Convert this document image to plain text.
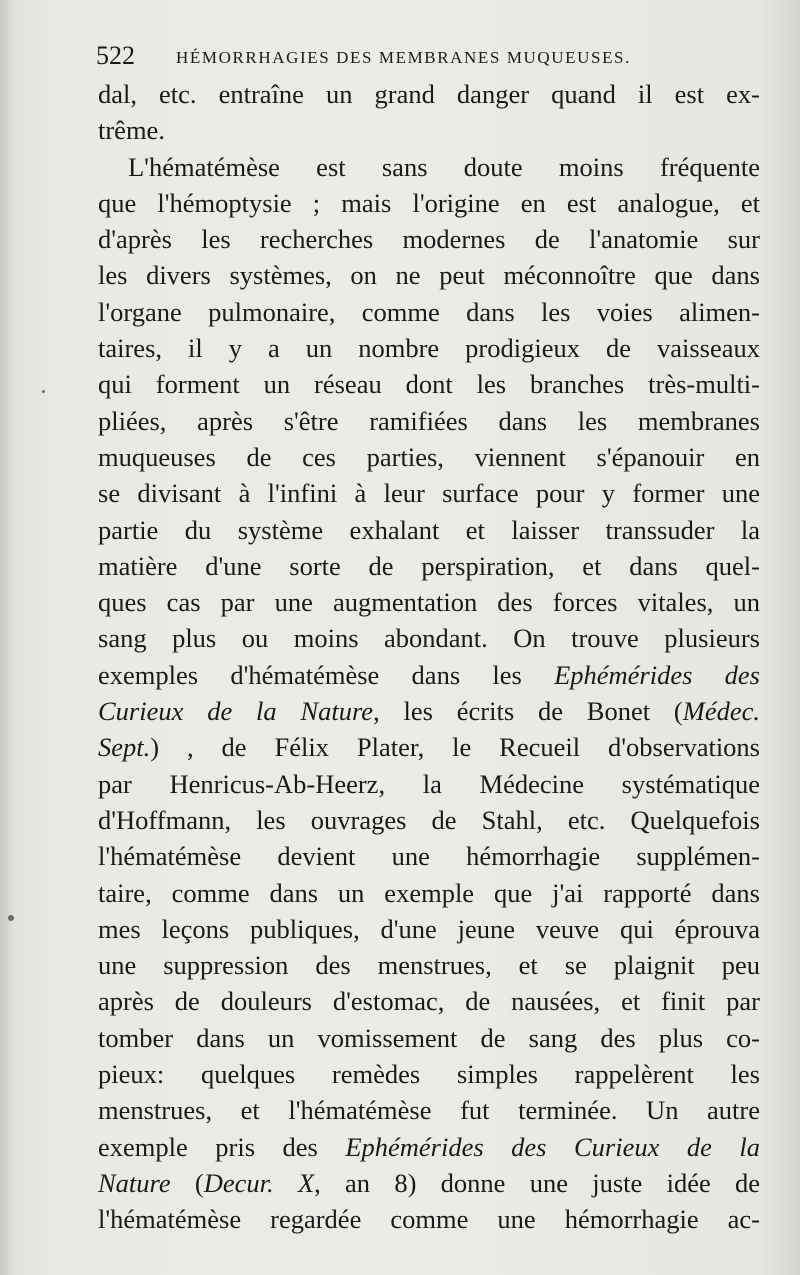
522 HÉMORRHAGIES DES MEMBRANES MUQUEUSES.
dal, etc. entraîne un grand danger quand il est ex-
trême.
L'hématémèse est sans doute moins fréquente
que l'hémoptysie ; mais l'origine en est analogue, et
d'après les recherches modernes de l'anatomie sur
les divers systèmes, on ne peut méconnoître que dans
l'organe pulmonaire, comme dans les voies alimen-
taires, il y a un nombre prodigieux de vaisseaux
qui forment un réseau dont les branches très-multi-
pliées, après s'être ramifiées dans les membranes
muqueuses de ces parties, viennent s'épanouir en
se divisant à l'infini à leur surface pour y former une
partie du système exhalant et laisser transsuder la
matière d'une sorte de perspiration, et dans quel-
ques cas par une augmentation des forces vitales, un
sang plus ou moins abondant. On trouve plusieurs
exemples d'hématémèse dans les Ephémérides des
Curieux de la Nature, les écrits de Bonet (Médec.
Sept.) , de Félix Plater, le Recueil d'observations
par Henricus-Ab-Heerz, la Médecine systématique
d'Hoffmann, les ouvrages de Stahl, etc. Quelquefois
l'hématémèse devient une hémorrhagie supplémen-
taire, comme dans un exemple que j'ai rapporté dans
mes leçons publiques, d'une jeune veuve qui éprouva
une suppression des menstrues, et se plaignit peu
après de douleurs d'estomac, de nausées, et finit par
tomber dans un vomissement de sang des plus co-
pieux: quelques remèdes simples rappelèrent les
menstrues, et l'hématémèse fut terminée. Un autre
exemple pris des Ephémérides des Curieux de la
Nature (Decur. X, an 8) donne une juste idée de
l'hématémèse regardée comme une hémorrhagie ac-
